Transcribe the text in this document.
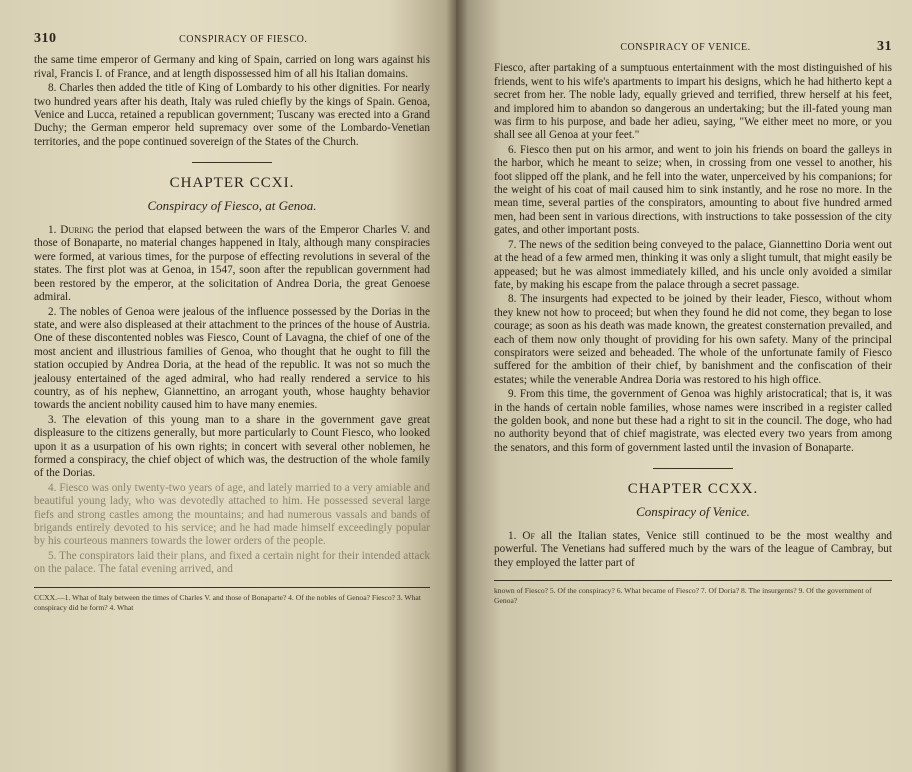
310	CONSPIRACY OF FIESCO.

the same time emperor of Germany and king of Spain, carried on long wars against his rival, Francis I. of France, and at length dispossessed him of all his Italian domains.

8. Charles then added the title of King of Lombardy to his other dignities. For nearly two hundred years after his death, Italy was ruled chiefly by the kings of Spain. Genoa, Venice and Lucca, retained a republican government; Tuscany was erected into a Grand Duchy; the German emperor held supremacy over some of the Lombardo-Venetian territories, and the pope continued sovereign of the States of the Church.

CHAPTER CCXI.
Conspiracy of Fiesco, at Genoa.

1. During the period that elapsed between the wars of the Emperor Charles V. and those of Bonaparte, no material changes happened in Italy, although many conspiracies were formed, at various times, for the purpose of effecting revolutions in several of the states. The first plot was at Genoa, in 1547, soon after the republican government had been restored by the emperor, at the solicitation of Andrea Doria, the great Genoese admiral.

2. The nobles of Genoa were jealous of the influence possessed by the Dorias in the state, and were also displeased at their attachment to the princes of the house of Austria. One of these discontented nobles was Fiesco, Count of Lavagna, the chief of one of the most ancient and illustrious families of Genoa, who thought that he ought to fill the station occupied by Andrea Doria, at the head of the republic. It was not so much the jealousy entertained of the aged admiral, who had really rendered a service to his country, as of his nephew, Giannettino, an arrogant youth, whose haughty behavior towards the ancient nobility caused him to have many enemies.

3. The elevation of this young man to a share in the government gave great displeasure to the citizens generally, but more particularly to Count Fiesco, who looked upon it as a usurpation of his own rights; in concert with several other noblemen, he formed a conspiracy, the chief object of which was, the destruction of the whole family of the Dorias.

4. Fiesco was only twenty-two years of age, and lately married to a very amiable and beautiful young lady, who was devotedly attached to him. He possessed several large fiefs and strong castles among the mountains; and had numerous vassals and bands of brigands entirely devoted to his service; and he had made himself exceedingly popular by his courteous manners towards the lower orders of the people.

5. The conspirators laid their plans, and fixed a certain night for their intended attack on the palace. The fatal evening arrived, and

CCXX.—1. What of Italy between the times of Charles V. and those of Bonaparte? 4. Of the nobles of Genoa? Fiesco? 3. What conspiracy did he form? 4. What
CONSPIRACY OF VENICE.	31

Fiesco, after partaking of a sumptuous entertainment with the most distinguished of his friends, went to his wife's apartments to impart his designs, which he had hitherto kept a secret from her. The noble lady, equally grieved and terrified, threw herself at his feet, and implored him to abandon so dangerous an undertaking; but the ill-fated young man was firm to his purpose, and bade her adieu, saying, "We either meet no more, or you shall see all Genoa at your feet."

6. Fiesco then put on his armor, and went to join his friends on board the galleys in the harbor, which he meant to seize; when, in crossing from one vessel to another, his foot slipped off the plank, and he fell into the water, unperceived by his companions; for the weight of his coat of mail caused him to sink instantly, and he rose no more. In the mean time, several parties of the conspirators, amounting to about five hundred armed men, had been sent in various directions, with instructions to take possession of the city gates, and other important posts.

7. The news of the sedition being conveyed to the palace, Giannettino Doria went out at the head of a few armed men, thinking it was only a slight tumult, that might easily be appeased; but he was almost immediately killed, and his uncle only avoided a similar fate, by making his escape from the palace through a secret passage.

8. The insurgents had expected to be joined by their leader, Fiesco, without whom they knew not how to proceed; but when they found he did not come, they began to lose courage; as soon as his death was made known, the greatest consternation prevailed, and each of them now only thought of providing for his own safety. Many of the principal conspirators were seized and beheaded. The whole of the unfortunate family of Fiesco suffered for the ambition of their chief, by banishment and the confiscation of their estates; while the venerable Andrea Doria was restored to his high office.

9. From this time, the government of Genoa was highly aristocratical; that is, it was in the hands of certain noble families, whose names were inscribed in a register called the golden book, and none but these had a right to sit in the council. The doge, who had no authority beyond that of chief magistrate, was elected every two years from among the senators, and this form of government lasted until the invasion of Bonaparte.

CHAPTER CCXX.
Conspiracy of Venice.

1. Of all the Italian states, Venice still continued to be the most wealthy and powerful. The Venetians had suffered much by the wars of the league of Cambray, but they employed the latter part of

known of Fiesco? 5. Of the conspiracy? 6. What became of Fiesco? 7. Of Doria? 8. The insurgents? 9. Of the government of Genoa?
